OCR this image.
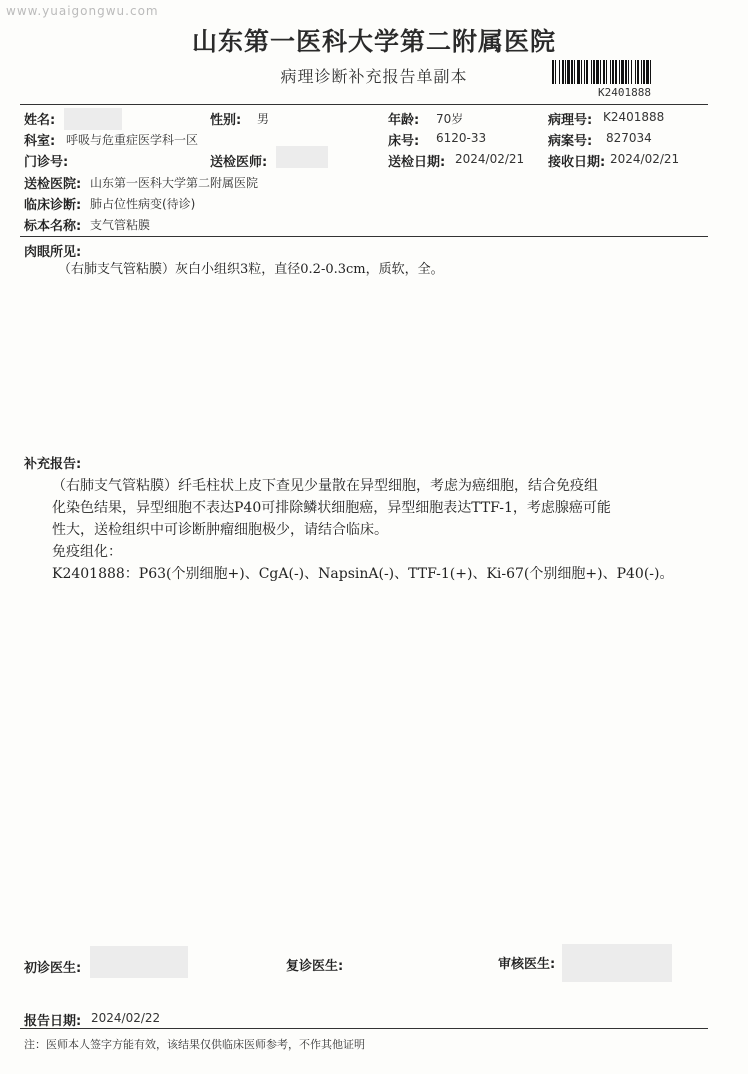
www.yuaigongwu.com
山东第一医科大学第二附属医院
病理诊断补充报告单副本
K2401888
姓名:	性别: 男	年龄: 70岁	病理号: K2401888
科室: 呼吸与危重症医学科一区	床号: 6120-33	病案号: 827034
门诊号:	送检医师:	送检日期: 2024/02/21 接收日期: 2024/02/21
送检医院: 山东第一医科大学第二附属医院
临床诊断: 肺占位性病变(待诊)
标本名称: 支气管粘膜
肉眼所见:
（右肺支气管粘膜）灰白小组织3粒，直径0.2-0.3cm，质软，全。
补充报告:
（右肺支气管粘膜）纤毛柱状上皮下查见少量散在异型细胞，考虑为癌细胞，结合免疫组
化染色结果，异型细胞不表达P40可排除鳞状细胞癌，异型细胞表达TTF-1，考虑腺癌可能
性大，送检组织中可诊断肿瘤细胞极少，请结合临床。
免疫组化：
K2401888：P63(个别细胞+)、CgA(-)、NapsinA(-)、TTF-1(+)、Ki-67(个别细胞+)、P40(-)。
初诊医生:	复诊医生:	审核医生:
报告日期: 2024/02/22
注：医师本人签字方能有效，该结果仅供临床医师参考，不作其他证明
